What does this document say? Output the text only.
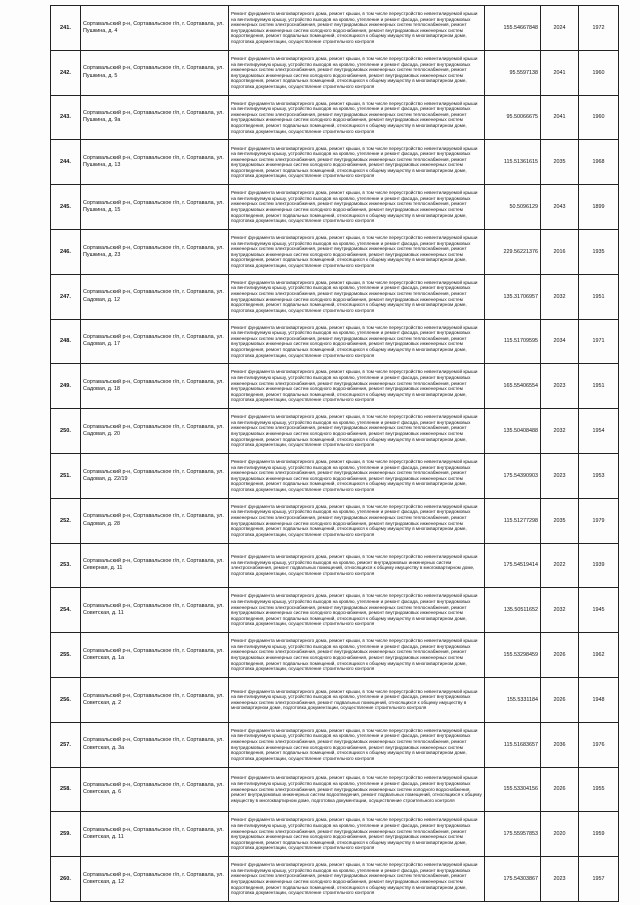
241.	Сортавальский р-н, Сортавальское г/п, г. Сортавала, ул. Пушкина, д. 4	Ремонт фундамента многоквартирного дома, ремонт крыши, в том числе переустройство невентилируемой крыши на вентилируемую крышу, устройство выходов на кровлю, утепление и ремонт фасада, ремонт внутридомовых инженерных систем электроснабжения, ремонт внутридомовых инженерных систем теплоснабжения, ремонт внутридомовых инженерных систем холодного водоснабжения, ремонт внутридомовых инженерных систем водоотведения, ремонт подвальных помещений, относящихся к общему имуществу в многоквартирном доме, подготовка документации, осуществление строительного контроля	155.54667848	2024	1972
242.	Сортавальский р-н, Сортавальское г/п, г. Сортавала, ул. Пушкина, д. 5	Ремонт фундамента многоквартирного дома, ремонт крыши, в том числе переустройство невентилируемой крыши на вентилируемую крышу, устройство выходов на кровлю, утепление и ремонт фасада, ремонт внутридомовых инженерных систем электроснабжения, ремонт внутридомовых инженерных систем теплоснабжения, ремонт внутридомовых инженерных систем холодного водоснабжения, ремонт внутридомовых инженерных систем водоотведения, ремонт подвальных помещений, относящихся к общему имуществу в многоквартирном доме, подготовка документации, осуществление строительного контроля	95.5597138	2041	1960
243.	Сортавальский р-н, Сортавальское г/п, г. Сортавала, ул. Пушкина, д. 9а	Ремонт фундамента многоквартирного дома, ремонт крыши, в том числе переустройство невентилируемой крыши на вентилируемую крышу, устройство выходов на кровлю, утепление и ремонт фасада, ремонт внутридомовых инженерных систем электроснабжения, ремонт внутридомовых инженерных систем теплоснабжения, ремонт внутридомовых инженерных систем холодного водоснабжения, ремонт внутридомовых инженерных систем водоотведения, ремонт подвальных помещений, относящихся к общему имуществу в многоквартирном доме, подготовка документации, осуществление строительного контроля	95.50066675	2041	1960
244.	Сортавальский р-н, Сортавальское г/п, г. Сортавала, ул. Пушкина, д. 13	Ремонт фундамента многоквартирного дома, ремонт крыши, в том числе переустройство невентилируемой крыши на вентилируемую крышу, устройство выходов на кровлю, утепление и ремонт фасада, ремонт внутридомовых инженерных систем электроснабжения, ремонт внутридомовых инженерных систем теплоснабжения, ремонт внутридомовых инженерных систем холодного водоснабжения, ремонт внутридомовых инженерных систем водоотведения, ремонт подвальных помещений, относящихся к общему имуществу в многоквартирном доме, подготовка документации, осуществление строительного контроля	115.51361615	2035	1968
245.	Сортавальский р-н, Сортавальское г/п, г. Сортавала, ул. Пушкина, д. 15	Ремонт фундамента многоквартирного дома, ремонт крыши, в том числе переустройство невентилируемой крыши на вентилируемую крышу, устройство выходов на кровлю, утепление и ремонт фасада, ремонт внутридомовых инженерных систем электроснабжения, ремонт внутридомовых инженерных систем теплоснабжения, ремонт внутридомовых инженерных систем холодного водоснабжения, ремонт внутридомовых инженерных систем водоотведения, ремонт подвальных помещений, относящихся к общему имуществу в многоквартирном доме, подготовка документации, осуществление строительного контроля	50.5096129	2043	1899
246.	Сортавальский р-н, Сортавальское г/п, г. Сортавала, ул. Пушкина, д. 23	Ремонт фундамента многоквартирного дома, ремонт крыши, в том числе переустройство невентилируемой крыши на вентилируемую крышу, устройство выходов на кровлю, утепление и ремонт фасада, ремонт внутридомовых инженерных систем электроснабжения, ремонт внутридомовых инженерных систем теплоснабжения, ремонт внутридомовых инженерных систем холодного водоснабжения, ремонт внутридомовых инженерных систем водоотведения, ремонт подвальных помещений, относящихся к общему имуществу в многоквартирном доме, подготовка документации, осуществление строительного контроля	229.56221376	2016	1935
247.	Сортавальский р-н, Сортавальское г/п, г. Сортавала, ул. Садовая, д. 12	Ремонт фундамента многоквартирного дома, ремонт крыши, в том числе переустройство невентилируемой крыши на вентилируемую крышу, устройство выходов на кровлю, утепление и ремонт фасада, ремонт внутридомовых инженерных систем электроснабжения, ремонт внутридомовых инженерных систем теплоснабжения, ремонт внутридомовых инженерных систем холодного водоснабжения, ремонт внутридомовых инженерных систем водоотведения, ремонт подвальных помещений, относящихся к общему имуществу в многоквартирном доме, подготовка документации, осуществление строительного контроля	135.31706957	2032	1951
248.	Сортавальский р-н, Сортавальское г/п, г. Сортавала, ул. Садовая, д. 17	Ремонт фундамента многоквартирного дома, ремонт крыши, в том числе переустройство невентилируемой крыши на вентилируемую крышу, устройство выходов на кровлю, утепление и ремонт фасада, ремонт внутридомовых инженерных систем электроснабжения, ремонт внутридомовых инженерных систем теплоснабжения, ремонт внутридомовых инженерных систем холодного водоснабжения, ремонт внутридомовых инженерных систем водоотведения, ремонт подвальных помещений, относящихся к общему имуществу в многоквартирном доме, подготовка документации, осуществление строительного контроля	115.51709595	2034	1971
249.	Сортавальский р-н, Сортавальское г/п, г. Сортавала, ул. Садовая, д. 18	Ремонт фундамента многоквартирного дома, ремонт крыши, в том числе переустройство невентилируемой крыши на вентилируемую крышу, устройство выходов на кровлю, утепление и ремонт фасада, ремонт внутридомовых инженерных систем электроснабжения, ремонт внутридомовых инженерных систем теплоснабжения, ремонт внутридомовых инженерных систем холодного водоснабжения, ремонт внутридомовых инженерных систем водоотведения, ремонт подвальных помещений, относящихся к общему имуществу в многоквартирном доме, подготовка документации, осуществление строительного контроля	165.55406554	2023	1951
250.	Сортавальский р-н, Сортавальское г/п, г. Сортавала, ул. Садовая, д. 20	Ремонт фундамента многоквартирного дома, ремонт крыши, в том числе переустройство невентилируемой крыши на вентилируемую крышу, устройство выходов на кровлю, утепление и ремонт фасада, ремонт внутридомовых инженерных систем электроснабжения, ремонт внутридомовых инженерных систем теплоснабжения, ремонт внутридомовых инженерных систем холодного водоснабжения, ремонт внутридомовых инженерных систем водоотведения, ремонт подвальных помещений, относящихся к общему имуществу в многоквартирном доме, подготовка документации, осуществление строительного контроля	135.50408488	2032	1954
251.	Сортавальский р-н, Сортавальское г/п, г. Сортавала, ул. Садовая, д. 22/19	Ремонт фундамента многоквартирного дома, ремонт крыши, в том числе переустройство невентилируемой крыши на вентилируемую крышу, устройство выходов на кровлю, утепление и ремонт фасада, ремонт внутридомовых инженерных систем электроснабжения, ремонт внутридомовых инженерных систем теплоснабжения, ремонт внутридомовых инженерных систем холодного водоснабжения, ремонт внутридомовых инженерных систем водоотведения, ремонт подвальных помещений, относящихся к общему имуществу в многоквартирном доме, подготовка документации, осуществление строительного контроля	175.54390903	2023	1953
252.	Сортавальский р-н, Сортавальское г/п, г. Сортавала, ул. Садовая, д. 28	Ремонт фундамента многоквартирного дома, ремонт крыши, в том числе переустройство невентилируемой крыши на вентилируемую крышу, устройство выходов на кровлю, утепление и ремонт фасада, ремонт внутридомовых инженерных систем электроснабжения, ремонт внутридомовых инженерных систем теплоснабжения, ремонт внутридомовых инженерных систем холодного водоснабжения, ремонт внутридомовых инженерных систем водоотведения, ремонт подвальных помещений, относящихся к общему имуществу в многоквартирном доме, подготовка документации, осуществление строительного контроля	115.51277298	2035	1979
253.	Сортавальский р-н, Сортавальское г/п, г. Сортавала, ул. Северная, д. 11	Ремонт фундамента многоквартирного дома, ремонт крыши, в том числе переустройство невентилируемой крыши на вентилируемую крышу, устройство выходов на кровлю, ремонт внутридомовых инженерных систем электроснабжения, ремонт подвальных помещений, относящихся к общему имуществу в многоквартирном доме, подготовка документации, осуществление строительного контроля	175.54519414	2022	1939
254.	Сортавальский р-н, Сортавальское г/п, г. Сортавала, ул. Советская, д. 11	Ремонт фундамента многоквартирного дома, ремонт крыши, в том числе переустройство невентилируемой крыши на вентилируемую крышу, устройство выходов на кровлю, утепление и ремонт фасада, ремонт внутридомовых инженерных систем электроснабжения, ремонт внутридомовых инженерных систем теплоснабжения, ремонт внутридомовых инженерных систем холодного водоснабжения, ремонт внутридомовых инженерных систем водоотведения, ремонт подвальных помещений, относящихся к общему имуществу в многоквартирном доме, подготовка документации, осуществление строительного контроля	135.50511652	2032	1945
255.	Сортавальский р-н, Сортавальское г/п, г. Сортавала, ул. Советская, д. 1а	Ремонт фундамента многоквартирного дома, ремонт крыши, в том числе переустройство невентилируемой крыши на вентилируемую крышу, устройство выходов на кровлю, утепление и ремонт фасада, ремонт внутридомовых инженерных систем электроснабжения, ремонт внутридомовых инженерных систем теплоснабжения, ремонт внутридомовых инженерных систем холодного водоснабжения, ремонт внутридомовых инженерных систем водоотведения, ремонт подвальных помещений, относящихся к общему имуществу в многоквартирном доме, подготовка документации, осуществление строительного контроля	155.53298459	2026	1962
256.	Сортавальский р-н, Сортавальское г/п, г. Сортавала, ул. Советская, д. 2	Ремонт фундамента многоквартирного дома, ремонт крыши, в том числе переустройство невентилируемой крыши на вентилируемую крышу, устройство выходов на кровлю, утепление и ремонт фасада, ремонт внутридомовых инженерных систем электроснабжения, ремонт подвальных помещений, относящихся к общему имуществу в многоквартирном доме, подготовка документации, осуществление строительного контроля	155.5331184	2026	1948
257.	Сортавальский р-н, Сортавальское г/п, г. Сортавала, ул. Советская, д. 3а	Ремонт фундамента многоквартирного дома, ремонт крыши, в том числе переустройство невентилируемой крыши на вентилируемую крышу, устройство выходов на кровлю, утепление и ремонт фасада, ремонт внутридомовых инженерных систем электроснабжения, ремонт внутридомовых инженерных систем теплоснабжения, ремонт внутридомовых инженерных систем холодного водоснабжения, ремонт внутридомовых инженерных систем водоотведения, ремонт подвальных помещений, относящихся к общему имуществу в многоквартирном доме, подготовка документации, осуществление строительного контроля	115.51683657	2036	1976
258.	Сортавальский р-н, Сортавальское г/п, г. Сортавала, ул. Советская, д. 6	Ремонт фундамента многоквартирного дома, ремонт крыши, в том числе переустройство невентилируемой крыши на вентилируемую крышу, устройство выходов на кровлю, утепление и ремонт фасада, ремонт внутридомовых инженерных систем электроснабжения, ремонт внутридомовых инженерных систем холодного водоснабжения, ремонт внутридомовых инженерных систем водоотведения, ремонт подвальных помещений, относящихся к общему имуществу в многоквартирном доме, подготовка документации, осуществление строительного контроля	155.53304156	2026	1955
259.	Сортавальский р-н, Сортавальское г/п, г. Сортавала, ул. Советская, д. 11	Ремонт фундамента многоквартирного дома, ремонт крыши, в том числе переустройство невентилируемой крыши на вентилируемую крышу, устройство выходов на кровлю, утепление и ремонт фасада, ремонт внутридомовых инженерных систем электроснабжения, ремонт внутридомовых инженерных систем теплоснабжения, ремонт внутридомовых инженерных систем холодного водоснабжения, ремонт внутридомовых инженерных систем водоотведения, ремонт подвальных помещений, относящихся к общему имуществу в многоквартирном доме, подготовка документации, осуществление строительного контроля	175.55957853	2020	1959
260.	Сортавальский р-н, Сортавальское г/п, г. Сортавала, ул. Советская, д. 12	Ремонт фундамента многоквартирного дома, ремонт крыши, в том числе переустройство невентилируемой крыши на вентилируемую крышу, устройство выходов на кровлю, утепление и ремонт фасада, ремонт внутридомовых инженерных систем электроснабжения, ремонт внутридомовых инженерных систем теплоснабжения, ремонт внутридомовых инженерных систем холодного водоснабжения, ремонт внутридомовых инженерных систем водоотведения, ремонт подвальных помещений, относящихся к общему имуществу в многоквартирном доме, подготовка документации, осуществление строительного контроля	175.54303867	2023	1957
